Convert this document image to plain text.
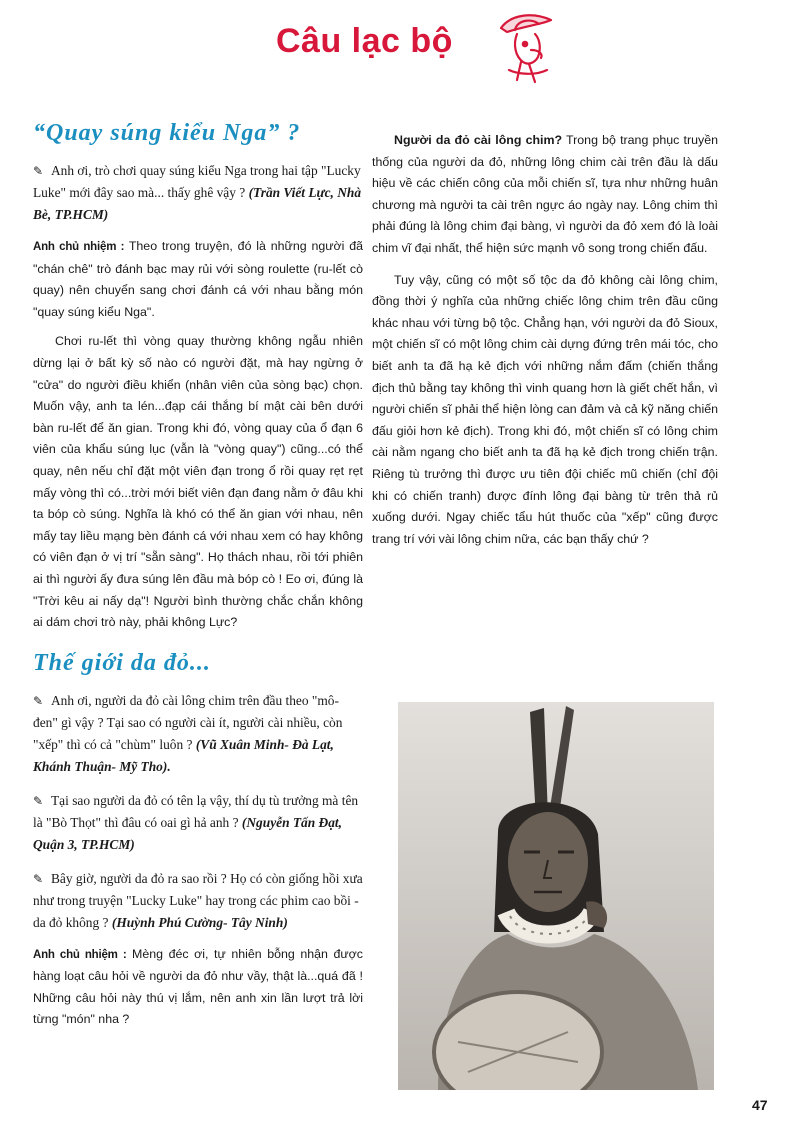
Câu lạc bộ
“Quay súng kiểu Nga” ?

✎ Anh ơi, trò chơi quay súng kiểu Nga trong hai tập "Lucky Luke" mới đây sao mà... thấy ghê vậy ? (Trần Viết Lực, Nhà Bè, TP.HCM)

Anh chủ nhiệm : Theo trong truyện, đó là những người đã "chán chê" trò đánh bạc may rủi với sòng roulette (ru-lết cò quay) nên chuyển sang chơi đánh cá với nhau bằng món "quay súng kiểu Nga".

Chơi ru-lết thì vòng quay thường không ngẫu nhiên dừng lại ở bất kỳ số nào có người đặt, mà hay ngừng ở "cửa" do người điều khiển (nhân viên của sòng bạc) chọn. Muốn vậy, anh ta lén...đạp cái thắng bí mật cài bên dưới bàn ru-lết để ăn gian. Trong khi đó, vòng quay của ổ đạn 6 viên của khẩu súng lục (vẫn là "vòng quay") cũng...có thể quay, nên nếu chỉ đặt một viên đạn trong ổ rồi quay rẹt rẹt mấy vòng thì có...trời mới biết viên đạn đang nằm ở đâu khi ta bóp cò súng. Nghĩa là khó có thể ăn gian với nhau, nên mấy tay liều mạng bèn đánh cá với nhau xem có hay không có viên đạn ở vị trí "sẵn sàng". Họ thách nhau, rồi tới phiên ai thì người ấy đưa súng lên đầu mà bóp cò ! Eo ơi, đúng là "Trời kêu ai nấy dạ"! Người bình thường chắc chắn không ai dám chơi trò này, phải không Lực?

Thế giới da đỏ...

✎ Anh ơi, người da đỏ cài lông chim trên đầu theo "mô-đen" gì vậy ? Tại sao có người cài ít, người cài nhiều, còn "xếp" thì có cả "chùm" luôn ? (Vũ Xuân Minh- Đà Lạt, Khánh Thuận- Mỹ Tho).

✎ Tại sao người da đỏ có tên lạ vậy, thí dụ tù trưởng mà tên là "Bò Thọt" thì đâu có oai gì hả anh ? (Nguyễn Tấn Đạt, Quận 3, TP.HCM)

✎ Bây giờ, người da đỏ ra sao rồi ? Họ có còn giống hồi xưa như trong truyện "Lucky Luke" hay trong các phim cao bồi - da đỏ không ? (Huỳnh Phú Cường- Tây Ninh)

Anh chủ nhiệm : Mèng đéc ơi, tự nhiên bỗng nhận được hàng loạt câu hỏi về người da đỏ như vầy, thật là...quá đã ! Những câu hỏi này thú vị lắm, nên anh xin lần lượt trả lời từng "món" nha ?

Người da đỏ cài lông chim? Trong bộ trang phục truyền thống của người da đỏ, những lông chim cài trên đầu là dấu hiệu về các chiến công của mỗi chiến sĩ, tựa như những huân chương mà người ta cài trên ngực áo ngày nay. Lông chim thì phải đúng là lông chim đại bàng, vì người da đỏ xem đó là loài chim vĩ đại nhất, thể hiện sức mạnh vô song trong chiến đấu.

Tuy vậy, cũng có một số tộc da đỏ không cài lông chim, đồng thời ý nghĩa của những chiếc lông chim trên đầu cũng khác nhau với từng bộ tộc. Chẳng hạn, với người da đỏ Sioux, một chiến sĩ có một lông chim cài dựng đứng trên mái tóc, cho biết anh ta đã hạ kẻ địch với những nắm đấm (chiến thắng địch thủ bằng tay không thì vinh quang hơn là giết chết hắn, vì người chiến sĩ phải thể hiện lòng can đảm và cả kỹ năng chiến đấu giỏi hơn kẻ địch). Trong khi đó, một chiến sĩ có lông chim cài nằm ngang cho biết anh ta đã hạ kẻ địch trong chiến trận. Riêng tù trưởng thì được ưu tiên đội chiếc mũ chiến (chỉ đội khi có chiến tranh) được đính lông đại bàng từ trên thả rủ xuống dưới. Ngay chiếc tẩu hút thuốc của "xếp" cũng được trang trí với vài lông chim nữa, các bạn thấy chứ ?

47
